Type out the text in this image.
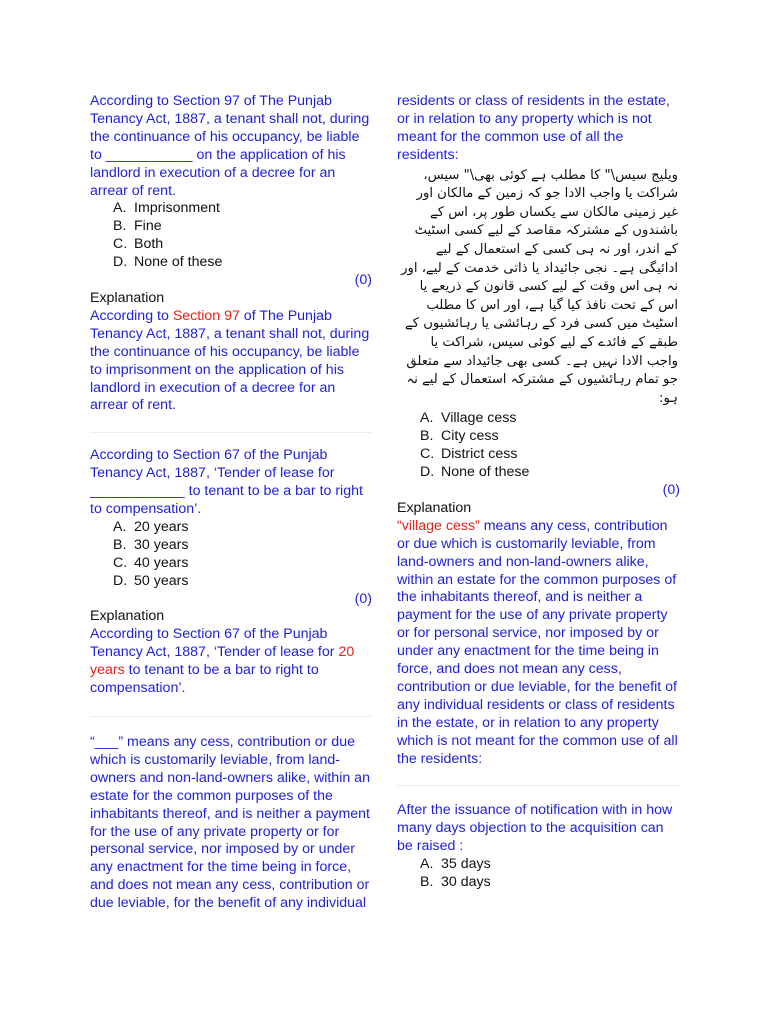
According to Section 97 of The Punjab Tenancy Act, 1887, a tenant shall not, during the continuance of his occupancy, be liable to ___________ on the application of his landlord in execution of a decree for an arrear of rent.
A. Imprisonment
B. Fine
C. Both
D. None of these
(0)
Explanation
According to Section 97 of The Punjab Tenancy Act, 1887, a tenant shall not, during the continuance of his occupancy, be liable to imprisonment on the application of his landlord in execution of a decree for an arrear of rent.
According to Section 67 of the Punjab Tenancy Act, 1887, ‘Tender of lease for ____________ to tenant to be a bar to right to compensation’.
A. 20 years
B. 30 years
C. 40 years
D. 50 years
(0)
Explanation
According to Section 67 of the Punjab Tenancy Act, 1887, ‘Tender of lease for 20 years to tenant to be a bar to right to compensation’.
“___” means any cess, contribution or due which is customarily leviable, from land-owners and non-land-owners alike, within an estate for the common purposes of the inhabitants thereof, and is neither a payment for the use of any private property or for personal service, nor imposed by or under any enactment for the time being in force, and does not mean any cess, contribution or due leviable, for the benefit of any individual
residents or class of residents in the estate, or in relation to any property which is not meant for the common use of all the residents:
ویلیج سیس\" کا مطلب ہے کوئی بھی\" سیس، شراکت یا واجب الادا جو کہ زمین کے مالکان اور غیر زمینی مالکان سے یکساں طور پر، اس کے باشندوں کے مشترکہ مقاصد کے لیے کسی اسٹیٹ کے اندر، اور نہ ہی کسی کے استعمال کے لیے ادائیگی ہے۔ نجی جائیداد یا ذاتی خدمت کے لیے، اور نہ ہی اس وقت کے لیے کسی قانون کے ذریعے یا اس کے تحت نافذ کیا گیا ہے، اور اس کا مطلب اسٹیٹ میں کسی فرد کے رہائشی یا رہائشیوں کے طبقے کے فائدے کے لیے کوئی سیس، شراکت یا واجب الادا نہیں ہے۔ کسی بھی جائیداد سے متعلق جو تمام رہائشیوں کے مشترکہ استعمال کے لیے نہ ہو:
A. Village cess
B. City cess
C. District cess
D. None of these
(0)
Explanation
“village cess” means any cess, contribution or due which is customarily leviable, from land-owners and non-land-owners alike, within an estate for the common purposes of the inhabitants thereof, and is neither a payment for the use of any private property or for personal service, nor imposed by or under any enactment for the time being in force, and does not mean any cess, contribution or due leviable, for the benefit of any individual residents or class of residents in the estate, or in relation to any property which is not meant for the common use of all the residents:
After the issuance of notification with in how many days objection to the acquisition can be raised :
A. 35 days
B. 30 days
